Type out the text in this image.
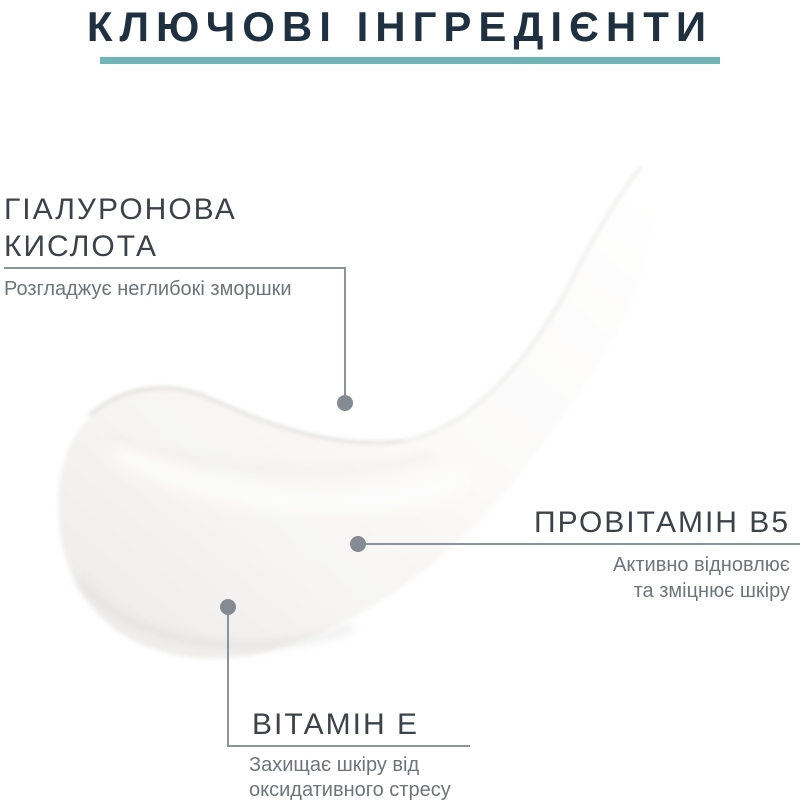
КЛЮЧОВІ ІНГРЕДІЄНТИ
ГІАЛУРОНОВА
КИСЛОТА
Розгладжує неглибокі зморшки
ПРОВІТАМІН В5
Активно відновлює
та зміцнює шкіру
ВІТАМІН Е
Захищає шкіру від
оксидативного стресу
